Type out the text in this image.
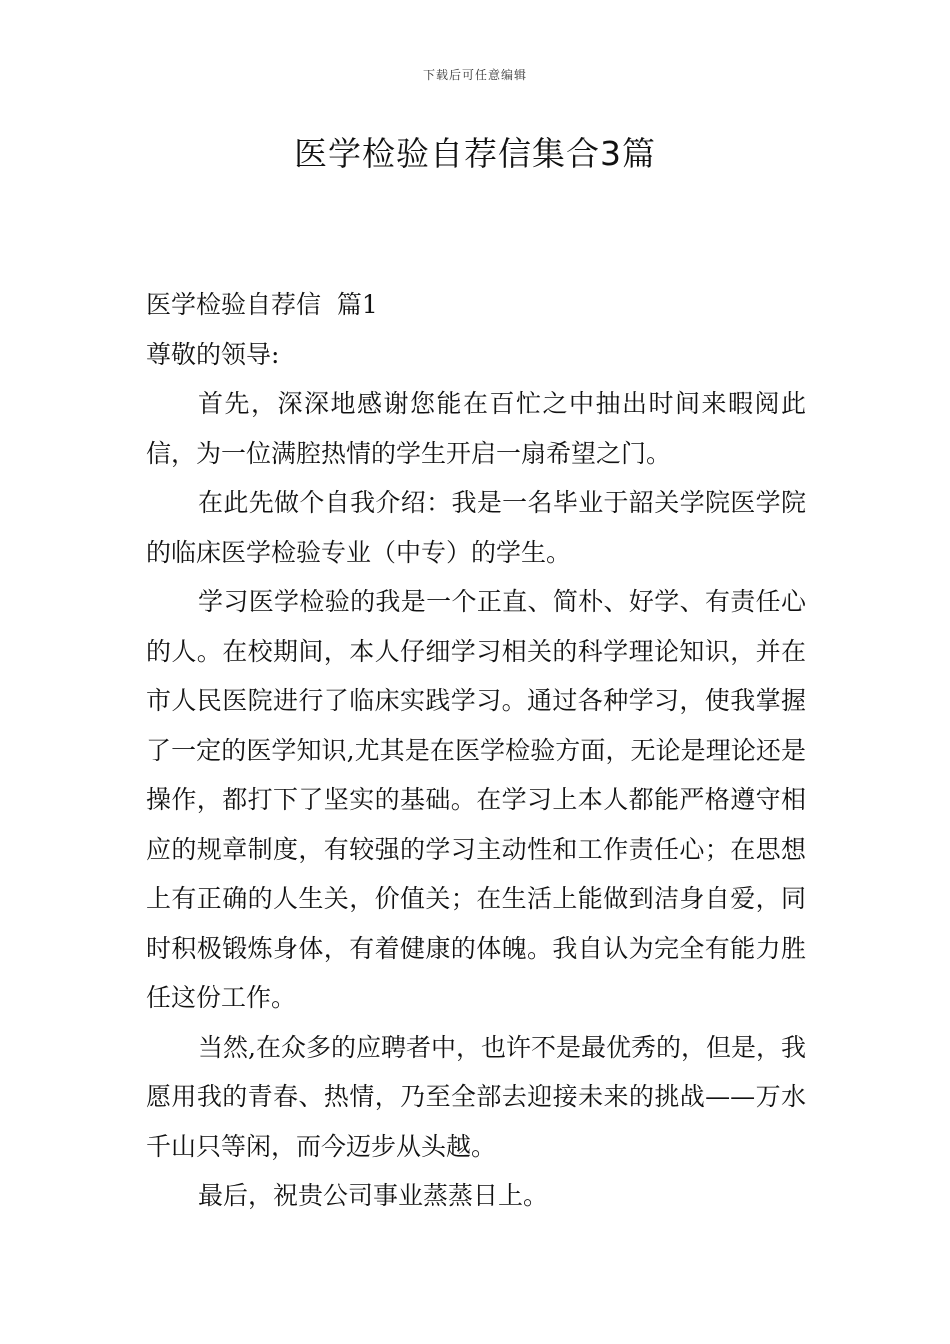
下载后可任意编辑
医学检验自荐信集合3篇

医学检验自荐信  篇1

尊敬的领导:

首先，深深地感谢您能在百忙之中抽出时间来暇阅此信，为一位满腔热情的学生开启一扇希望之门。

在此先做个自我介绍：我是一名毕业于韶关学院医学院的临床医学检验专业（中专）的学生。

学习医学检验的我是一个正直、简朴、好学、有责任心的人。在校期间，本人仔细学习相关的科学理论知识，并在市人民医院进行了临床实践学习。通过各种学习，使我掌握了一定的医学知识,尤其是在医学检验方面，无论是理论还是操作，都打下了坚实的基础。在学习上本人都能严格遵守相应的规章制度，有较强的学习主动性和工作责任心；在思想上有正确的人生关，价值关；在生活上能做到洁身自爱，同时积极锻炼身体，有着健康的体魄。我自认为完全有能力胜任这份工作。

当然,在众多的应聘者中，也许不是最优秀的，但是，我愿用我的青春、热情，乃至全部去迎接未来的挑战——万水千山只等闲，而今迈步从头越。

最后，祝贵公司事业蒸蒸日上。
